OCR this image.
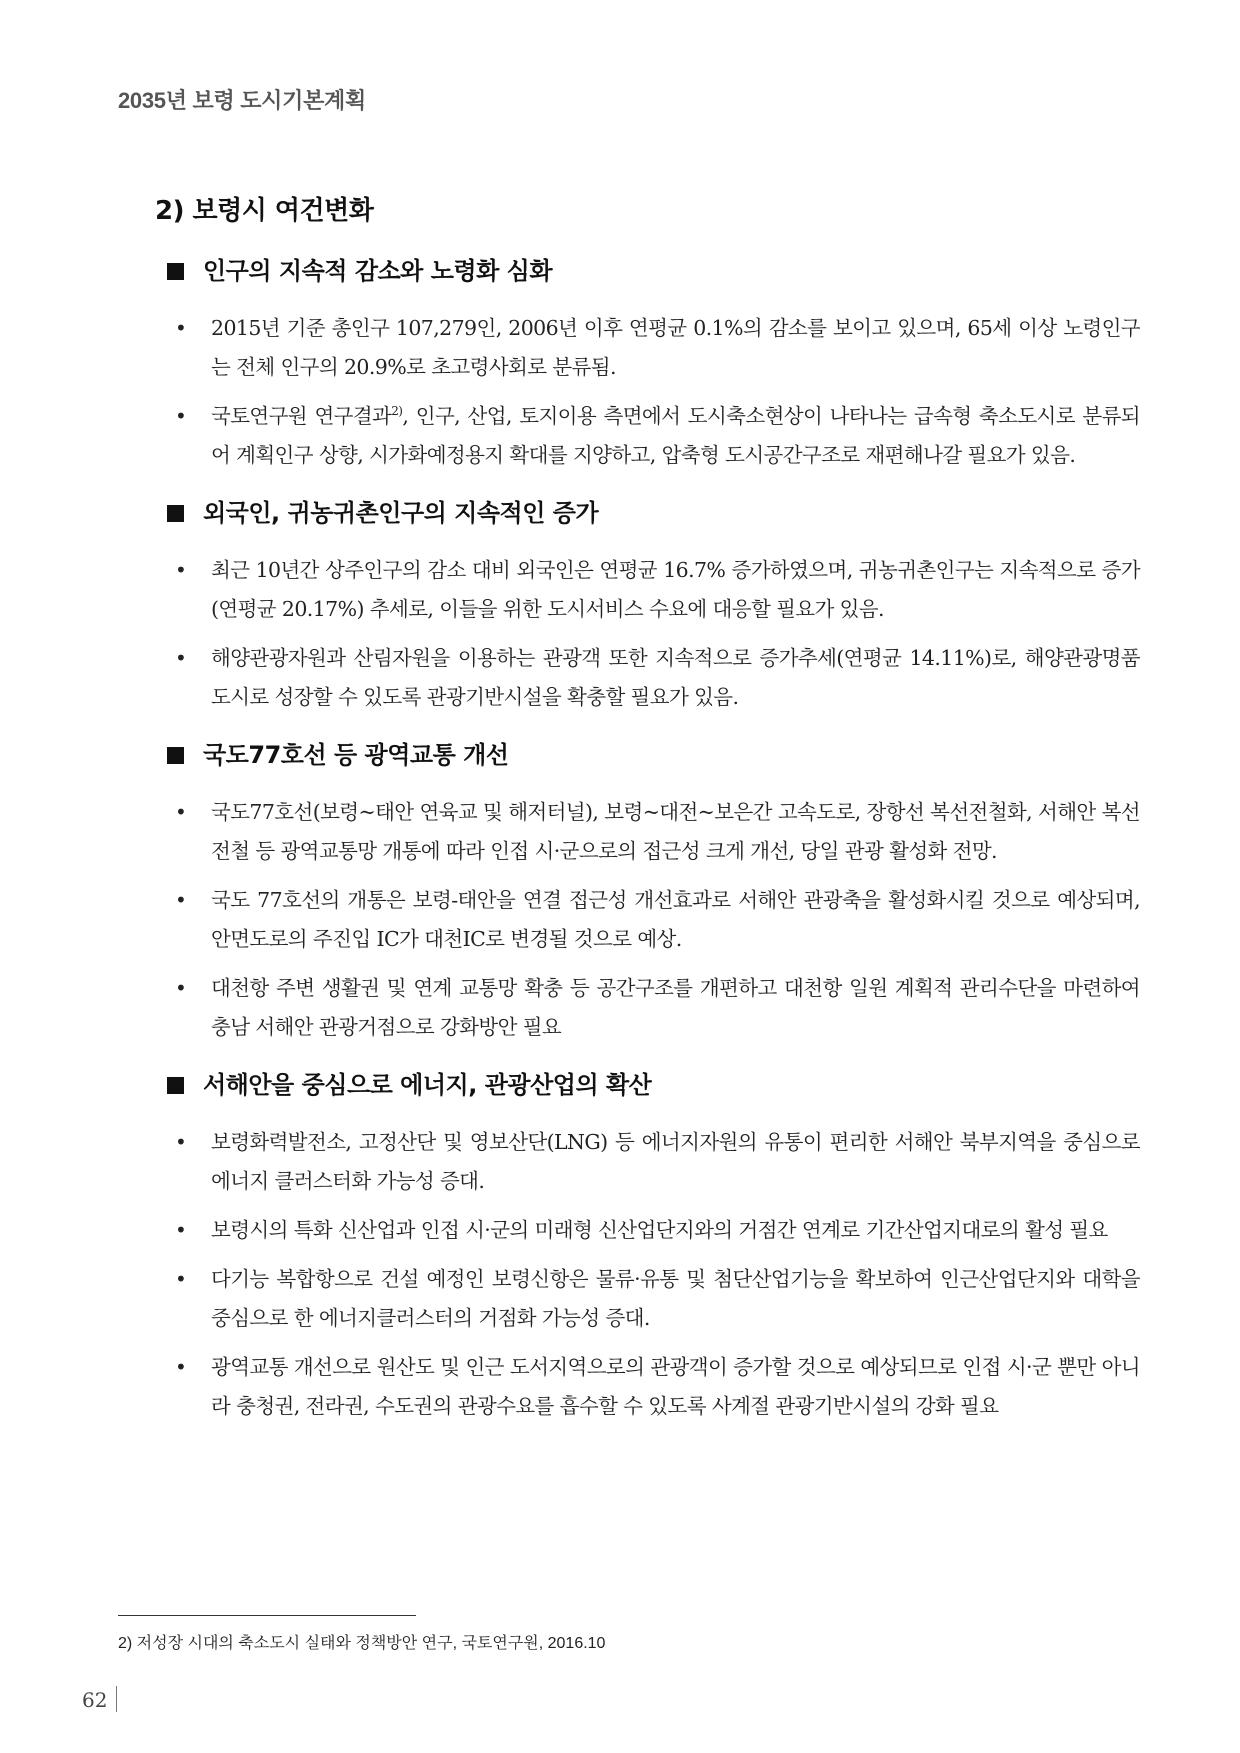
2035년 보령 도시기본계획
2) 보령시 여건변화
인구의 지속적 감소와 노령화 심화
• 2015년 기준 총인구 107,279인, 2006년 이후 연평균 0.1%의 감소를 보이고 있으며, 65세 이상 노령인구는 전체 인구의 20.9%로 초고령사회로 분류됨.
• 국토연구원 연구결과$^{2)}$, 인구, 산업, 토지이용 측면에서 도시축소현상이 나타나는 급속형 축소도시로 분류되어 계획인구 상향, 시가화예정용지 확대를 지양하고, 압축형 도시공간구조로 재편해나갈 필요가 있음.
외국인, 귀농귀촌인구의 지속적인 증가
• 최근 10년간 상주인구의 감소 대비 외국인은 연평균 16.7% 증가하였으며, 귀농귀촌인구는 지속적으로 증가(연평균 20.17%) 추세로, 이들을 위한 도시서비스 수요에 대응할 필요가 있음.
• 해양관광자원과 산림자원을 이용하는 관광객 또한 지속적으로 증가추세(연평균 14.11%)로, 해양관광명품도시로 성장할 수 있도록 관광기반시설을 확충할 필요가 있음.
국도77호선 등 광역교통 개선
• 국도77호선(보령~태안 연육교 및 해저터널), 보령~대전~보은간 고속도로, 장항선 복선전철화, 서해안 복선전철 등 광역교통망 개통에 따라 인접 시·군으로의 접근성 크게 개선, 당일 관광 활성화 전망.
• 국도 77호선의 개통은 보령-태안을 연결 접근성 개선효과로 서해안 관광축을 활성화시킬 것으로 예상되며, 안면도로의 주진입 IC가 대천IC로 변경될 것으로 예상.
• 대천항 주변 생활권 및 연계 교통망 확충 등 공간구조를 개편하고 대천항 일원 계획적 관리수단을 마련하여 충남 서해안 관광거점으로 강화방안 필요
서해안을 중심으로 에너지, 관광산업의 확산
• 보령화력발전소, 고정산단 및 영보산단(LNG) 등 에너지자원의 유통이 편리한 서해안 북부지역을 중심으로 에너지 클러스터화 가능성 증대.
• 보령시의 특화 신산업과 인접 시·군의 미래형 신산업단지와의 거점간 연계로 기간산업지대로의 활성 필요
• 다기능 복합항으로 건설 예정인 보령신항은 물류·유통 및 첨단산업기능을 확보하여 인근산업단지와 대학을 중심으로 한 에너지클러스터의 거점화 가능성 증대.
• 광역교통 개선으로 원산도 및 인근 도서지역으로의 관광객이 증가할 것으로 예상되므로 인접 시·군 뿐만 아니라 충청권, 전라권, 수도권의 관광수요를 흡수할 수 있도록 사계절 관광기반시설의 강화 필요
2) 저성장 시대의 축소도시 실태와 정책방안 연구, 국토연구원, 2016.10
62
